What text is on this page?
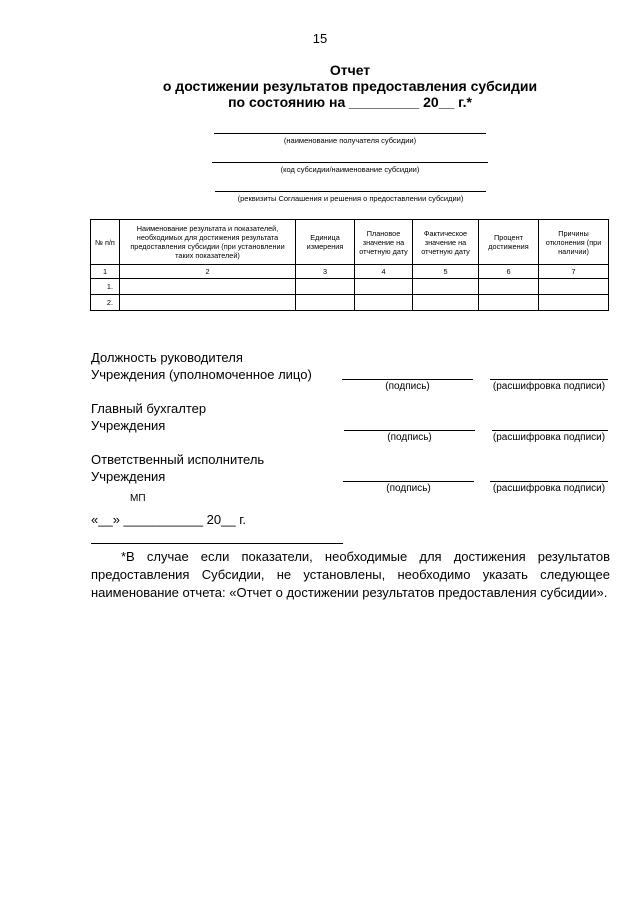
15
Отчет
о достижении результатов предоставления субсидии
по состоянию на _________ 20__ г.*
(наименование получателя субсидии)
(код субсидии/наименование субсидии)
(реквизиты Соглашения и решения о предоставлении субсидии)
№ п/п	Наименование результата и показателей, необходимых для достижения результата предоставления субсидии (при установлении таких показателей)	Единица измерения	Плановое значение на отчетную дату	Фактическое значение на отчетную дату	Процент достижения	Причины отклонения (при наличии)
1	2	3	4	5	6	7
1.						
2.						
Должность руководителя
Учреждения (уполномоченное лицо)
(подпись)	(расшифровка подписи)
Главный бухгалтер
Учреждения
(подпись)	(расшифровка подписи)
Ответственный исполнитель
Учреждения
(подпись)	(расшифровка подписи)
МП
«__» ___________ 20__ г.
*В случае если показатели, необходимые для достижения результатов предоставления Субсидии, не установлены, необходимо указать следующее наименование отчета: «Отчет о достижении результатов предоставления субсидии».
